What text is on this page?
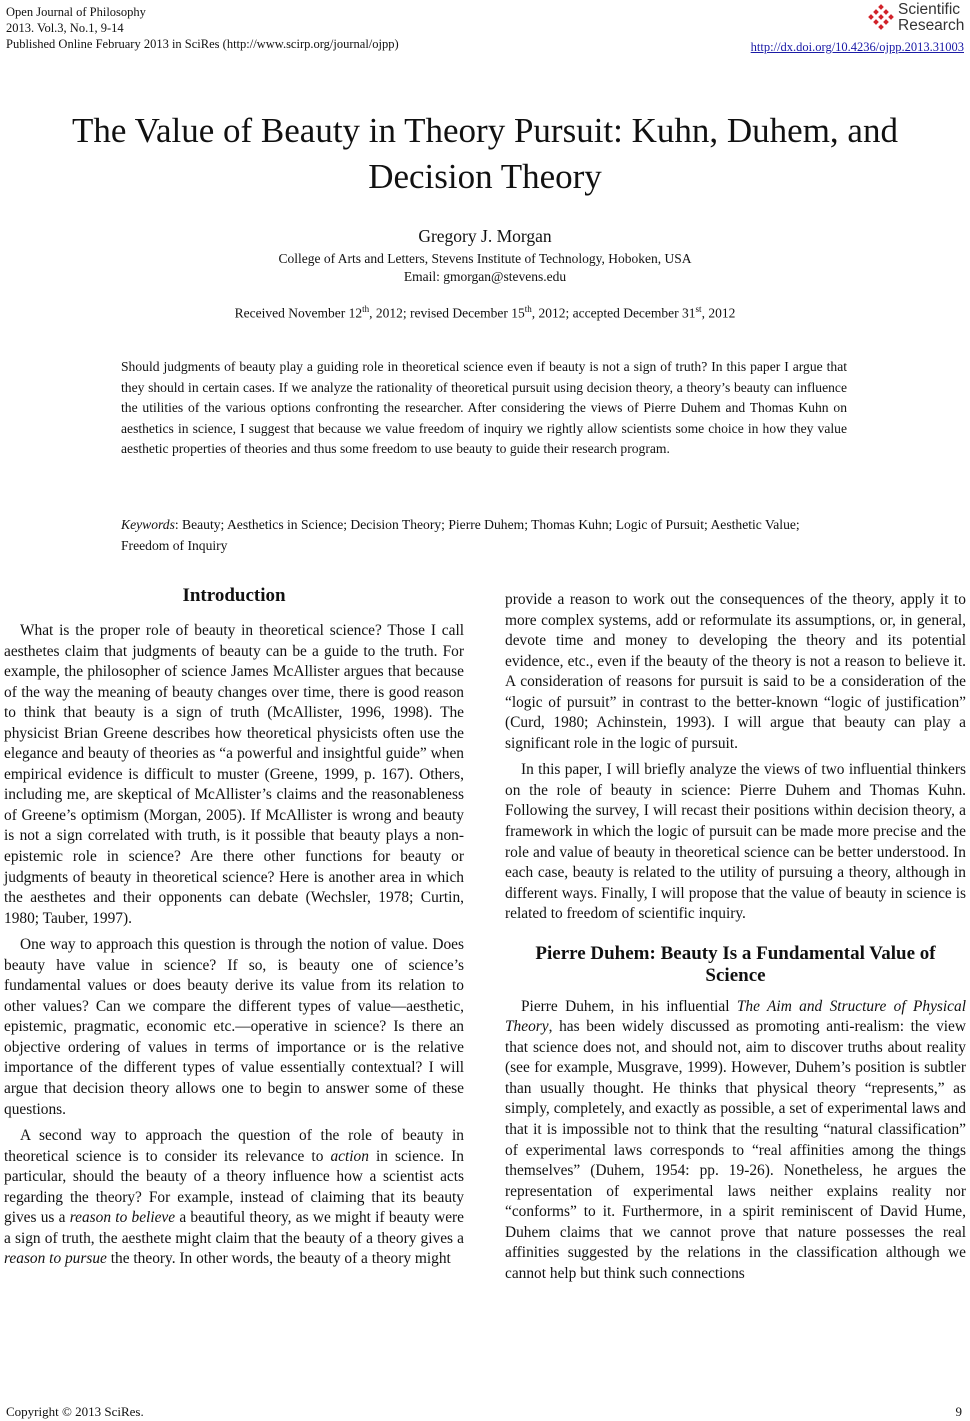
Open Journal of Philosophy
2013. Vol.3, No.1, 9-14
Published Online February 2013 in SciRes (http://www.scirp.org/journal/ojpp)
Scientific
Research
http://dx.doi.org/10.4236/ojpp.2013.31003
The Value of Beauty in Theory Pursuit: Kuhn, Duhem, and Decision Theory
Gregory J. Morgan
College of Arts and Letters, Stevens Institute of Technology, Hoboken, USA
Email: gmorgan@stevens.edu
Received November 12th, 2012; revised December 15th, 2012; accepted December 31st, 2012
Should judgments of beauty play a guiding role in theoretical science even if beauty is not a sign of truth? In this paper I argue that they should in certain cases. If we analyze the rationality of theoretical pursuit using decision theory, a theory’s beauty can influence the utilities of the various options confronting the researcher. After considering the views of Pierre Duhem and Thomas Kuhn on aesthetics in science, I suggest that because we value freedom of inquiry we rightly allow scientists some choice in how they value aesthetic properties of theories and thus some freedom to use beauty to guide their research program.
Keywords: Beauty; Aesthetics in Science; Decision Theory; Pierre Duhem; Thomas Kuhn; Logic of Pursuit; Aesthetic Value; Freedom of Inquiry
Introduction
What is the proper role of beauty in theoretical science? Those I call aesthetes claim that judgments of beauty can be a guide to the truth. For example, the philosopher of science James McAllister argues that because of the way the meaning of beauty changes over time, there is good reason to think that beauty is a sign of truth (McAllister, 1996, 1998). The physicist Brian Greene describes how theoretical physicists often use the elegance and beauty of theories as “a powerful and insightful guide” when empirical evidence is difficult to muster (Greene, 1999, p. 167). Others, including me, are skeptical of McAllister’s claims and the reasonableness of Greene’s optimism (Morgan, 2005). If McAllister is wrong and beauty is not a sign correlated with truth, is it possible that beauty plays a non-epistemic role in science? Are there other functions for beauty or judgments of beauty in theoretical science? Here is another area in which the aesthetes and their opponents can debate (Wechsler, 1978; Curtin, 1980; Tauber, 1997).
One way to approach this question is through the notion of value. Does beauty have value in science? If so, is beauty one of science’s fundamental values or does beauty derive its value from its relation to other values? Can we compare the different types of value—aesthetic, epistemic, pragmatic, economic etc.—operative in science? Is there an objective ordering of values in terms of importance or is the relative importance of the different types of value essentially contextual? I will argue that decision theory allows one to begin to answer some of these questions.
A second way to approach the question of the role of beauty in theoretical science is to consider its relevance to action in science. In particular, should the beauty of a theory influence how a scientist acts regarding the theory? For example, instead of claiming that its beauty gives us a reason to believe a beautiful theory, as we might if beauty were a sign of truth, the aesthete might claim that the beauty of a theory gives a reason to pursue the theory. In other words, the beauty of a theory might
provide a reason to work out the consequences of the theory, apply it to more complex systems, add or reformulate its assumptions, or, in general, devote time and money to developing the theory and its potential evidence, etc., even if the beauty of the theory is not a reason to believe it. A consideration of reasons for pursuit is said to be a consideration of the “logic of pursuit” in contrast to the better-known “logic of justification” (Curd, 1980; Achinstein, 1993). I will argue that beauty can play a significant role in the logic of pursuit.
In this paper, I will briefly analyze the views of two influential thinkers on the role of beauty in science: Pierre Duhem and Thomas Kuhn. Following the survey, I will recast their positions within decision theory, a framework in which the logic of pursuit can be made more precise and the role and value of beauty in theoretical science can be better understood. In each case, beauty is related to the utility of pursuing a theory, although in different ways. Finally, I will propose that the value of beauty in science is related to freedom of scientific inquiry.
Pierre Duhem: Beauty Is a Fundamental Value of Science
Pierre Duhem, in his influential The Aim and Structure of Physical Theory, has been widely discussed as promoting anti-realism: the view that science does not, and should not, aim to discover truths about reality (see for example, Musgrave, 1999). However, Duhem’s position is subtler than usually thought. He thinks that physical theory “represents,” as simply, completely, and exactly as possible, a set of experimental laws and that it is impossible not to think that the resulting “natural classification” of experimental laws corresponds to “real affinities among the things themselves” (Duhem, 1954: pp. 19-26). Nonetheless, he argues the representation of experimental laws neither explains reality nor “conforms” to it. Furthermore, in a spirit reminiscent of David Hume, Duhem claims that we cannot prove that nature possesses the real affinities suggested by the relations in the classification although we cannot help but think such connections
Copyright © 2013 SciRes.	9
